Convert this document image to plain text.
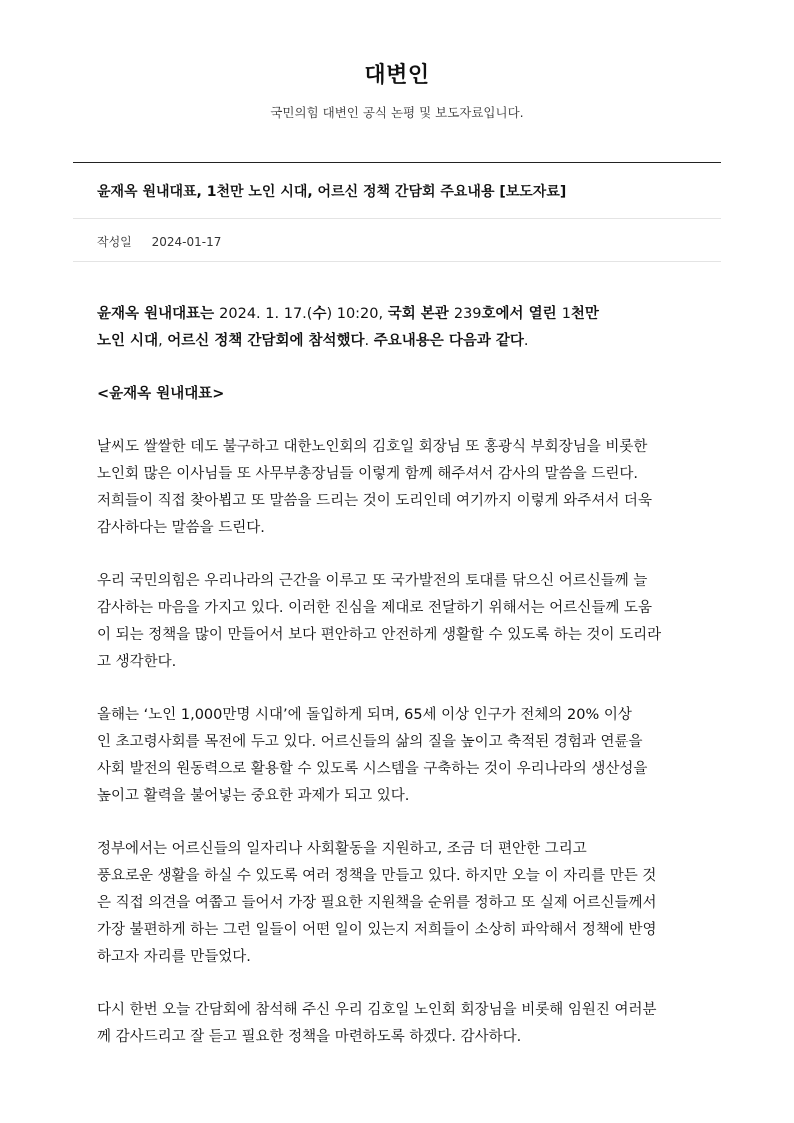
대변인

국민의힘 대변인 공식 논평 및 보도자료입니다.

윤재옥 원내대표, 1천만 노인 시대, 어르신 정책 간담회 주요내용 [보도자료]
작성일 2024-01-17

윤재옥 원내대표는 2024. 1. 17.(수) 10:20, 국회 본관 239호에서 열린 1천만
노인 시대, 어르신 정책 간담회에 참석했다. 주요내용은 다음과 같다.

<윤재옥 원내대표>

날씨도 쌀쌀한 데도 불구하고 대한노인회의 김호일 회장님 또 홍광식 부회장님을 비롯한
노인회 많은 이사님들 또 사무부총장님들 이렇게 함께 해주셔서 감사의 말씀을 드린다.
저희들이 직접 찾아뵙고 또 말씀을 드리는 것이 도리인데 여기까지 이렇게 와주셔서 더욱
감사하다는 말씀을 드린다.

우리 국민의힘은 우리나라의 근간을 이루고 또 국가발전의 토대를 닦으신 어르신들께 늘
감사하는 마음을 가지고 있다. 이러한 진심을 제대로 전달하기 위해서는 어르신들께 도움
이 되는 정책을 많이 만들어서 보다 편안하고 안전하게 생활할 수 있도록 하는 것이 도리라
고 생각한다.

올해는 ‘노인 1,000만명 시대’에 돌입하게 되며, 65세 이상 인구가 전체의 20% 이상
인 초고령사회를 목전에 두고 있다. 어르신들의 삶의 질을 높이고 축적된 경험과 연륜을
사회 발전의 원동력으로 활용할 수 있도록 시스템을 구축하는 것이 우리나라의 생산성을
높이고 활력을 불어넣는 중요한 과제가 되고 있다.

정부에서는 어르신들의 일자리나 사회활동을 지원하고, 조금 더 편안한 그리고
풍요로운 생활을 하실 수 있도록 여러 정책을 만들고 있다. 하지만 오늘 이 자리를 만든 것
은 직접 의견을 여쭙고 들어서 가장 필요한 지원책을 순위를 정하고 또 실제 어르신들께서
가장 불편하게 하는 그런 일들이 어떤 일이 있는지 저희들이 소상히 파악해서 정책에 반영
하고자 자리를 만들었다.

다시 한번 오늘 간담회에 참석해 주신 우리 김호일 노인회 회장님을 비롯해 임원진 여러분
께 감사드리고 잘 듣고 필요한 정책을 마련하도록 하겠다. 감사하다.
